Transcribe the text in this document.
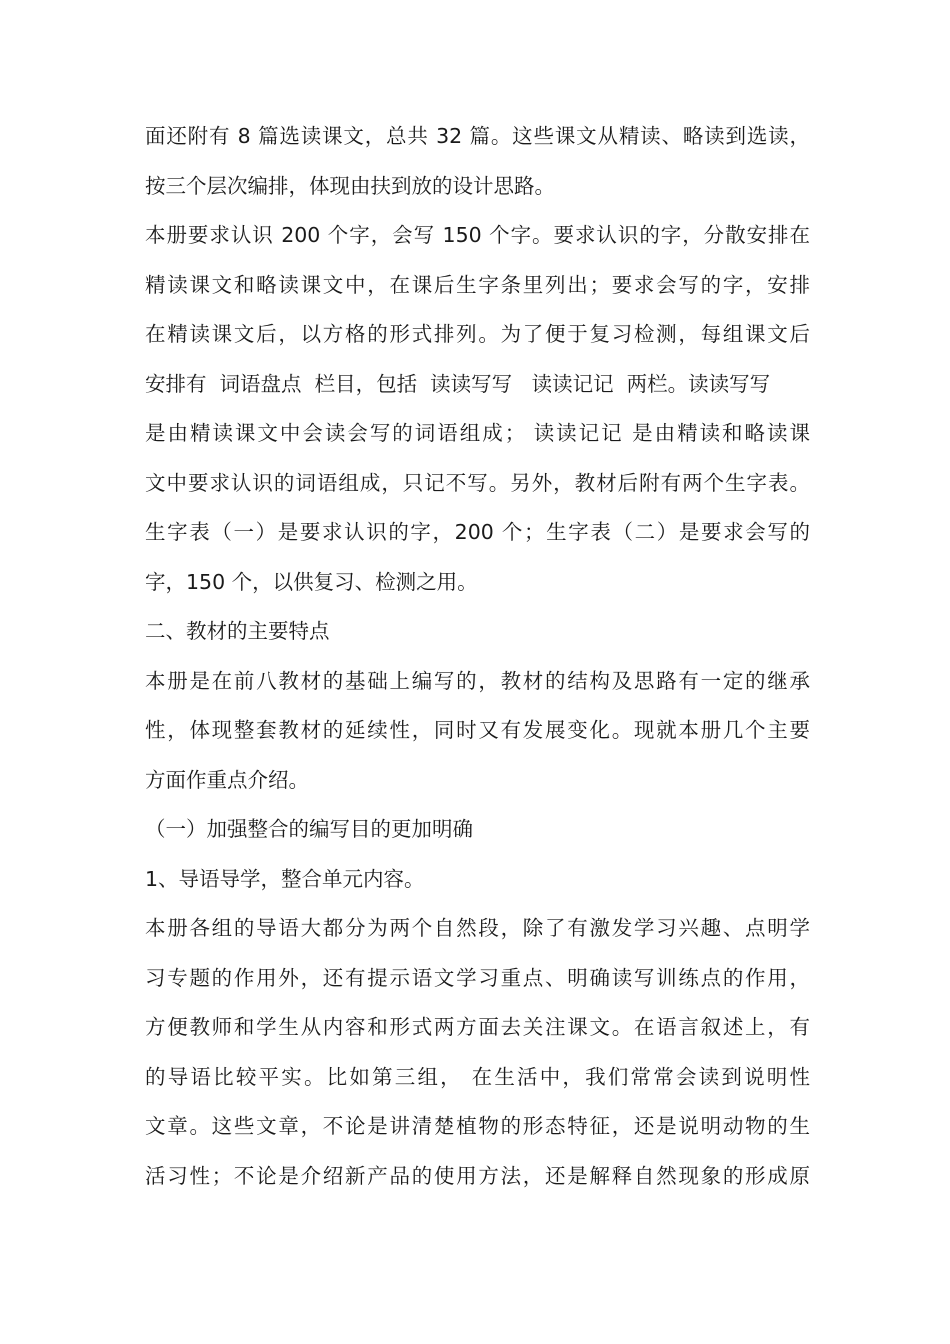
面还附有 8 篇选读课文，总共 32 篇。这些课文从精读、略读到选读，
按三个层次编排，体现由扶到放的设计思路。
本册要求认识 200 个字，会写 150 个字。要求认识的字，分散安排在
精读课文和略读课文中，在课后生字条里列出；要求会写的字，安排
在精读课文后，以方格的形式排列。为了便于复习检测，每组课文后
安排有  词语盘点  栏目，包括  读读写写   读读记记  两栏。读读写写
是由精读课文中会读会写的词语组成； 读读记记 是由精读和略读课
文中要求认识的词语组成，只记不写。另外，教材后附有两个生字表。
生字表（一）是要求认识的字，200 个；生字表（二）是要求会写的
字，150 个，以供复习、检测之用。
二、教材的主要特点
本册是在前八教材的基础上编写的，教材的结构及思路有一定的继承
性，体现整套教材的延续性，同时又有发展变化。现就本册几个主要
方面作重点介绍。
（一）加强整合的编写目的更加明确
1、导语导学，整合单元内容。
本册各组的导语大都分为两个自然段，除了有激发学习兴趣、点明学
习专题的作用外，还有提示语文学习重点、明确读写训练点的作用，
方便教师和学生从内容和形式两方面去关注课文。在语言叙述上，有
的导语比较平实。比如第三组， 在生活中，我们常常会读到说明性
文章。这些文章，不论是讲清楚植物的形态特征，还是说明动物的生
活习性；不论是介绍新产品的使用方法，还是解释自然现象的形成原
